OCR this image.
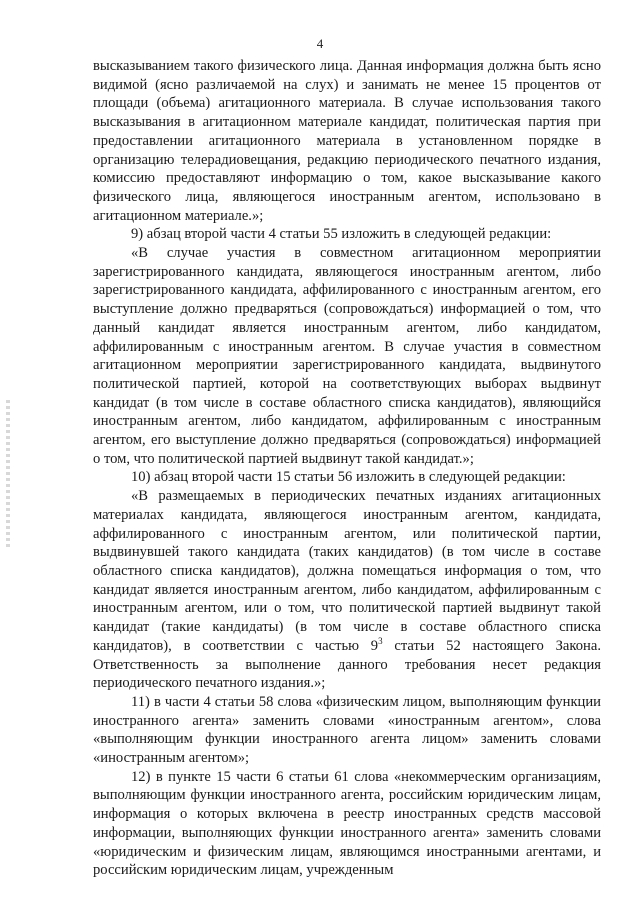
4

высказыванием такого физического лица. Данная информация должна быть ясно видимой (ясно различаемой на слух) и занимать не менее 15 процентов от площади (объема) агитационного материала. В случае использования такого высказывания в агитационном материале кандидат, политическая партия при предоставлении агитационного материала в установленном порядке в организацию телерадиовещания, редакцию периодического печатного издания, комиссию предоставляют информацию о том, какое высказывание какого физического лица, являющегося иностранным агентом, использовано в агитационном материале.»;

9) абзац второй части 4 статьи 55 изложить в следующей редакции:

«В случае участия в совместном агитационном мероприятии зарегистрированного кандидата, являющегося иностранным агентом, либо зарегистрированного кандидата, аффилированного с иностранным агентом, его выступление должно предваряться (сопровождаться) информацией о том, что данный кандидат является иностранным агентом, либо кандидатом, аффилированным с иностранным агентом. В случае участия в совместном агитационном мероприятии зарегистрированного кандидата, выдвинутого политической партией, которой на соответствующих выборах выдвинут кандидат (в том числе в составе областного списка кандидатов), являющийся иностранным агентом, либо кандидатом, аффилированным с иностранным агентом, его выступление должно предваряться (сопровождаться) информацией о том, что политической партией выдвинут такой кандидат.»;

10) абзац второй части 15 статьи 56 изложить в следующей редакции:

«В размещаемых в периодических печатных изданиях агитационных материалах кандидата, являющегося иностранным агентом, кандидата, аффилированного с иностранным агентом, или политической партии, выдвинувшей такого кандидата (таких кандидатов) (в том числе в составе областного списка кандидатов), должна помещаться информация о том, что кандидат является иностранным агентом, либо кандидатом, аффилированным с иностранным агентом, или о том, что политической партией выдвинут такой кандидат (такие кандидаты) (в том числе в составе областного списка кандидатов), в соответствии с частью $9^3$ статьи 52 настоящего Закона. Ответственность за выполнение данного требования несет редакция периодического печатного издания.»;

11) в части 4 статьи 58 слова «физическим лицом, выполняющим функции иностранного агента» заменить словами «иностранным агентом», слова «выполняющим функции иностранного агента лицом» заменить словами «иностранным агентом»;

12) в пункте 15 части 6 статьи 61 слова «некоммерческим организациям, выполняющим функции иностранного агента, российским юридическим лицам, информация о которых включена в реестр иностранных средств массовой информации, выполняющих функции иностранного агента» заменить словами «юридическим и физическим лицам, являющимся иностранными агентами, и российским юридическим лицам, учрежденным
